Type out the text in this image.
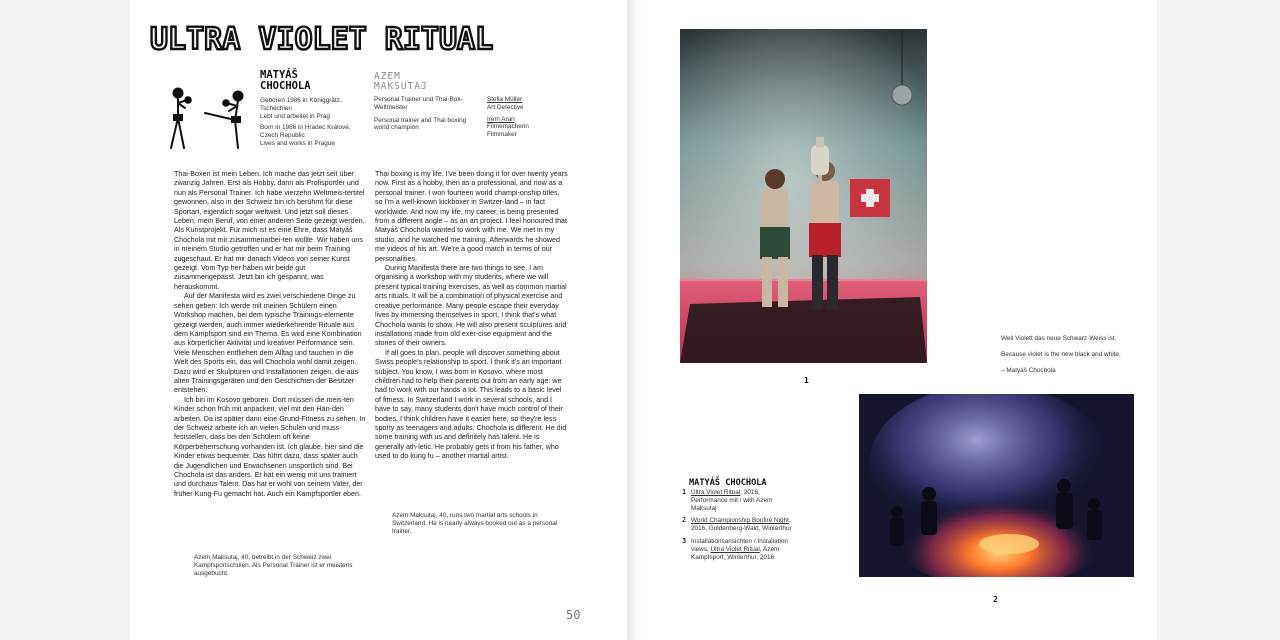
ULTRA VIOLET RITUAL
MATYÁŠ
CHOCHOLA

Geboren 1986 in Königgrätz,
Tschechien
Lebt und arbeitet in Prag

Born in 1986 in Hradec Králové,
Czech Republic
Lives and works in Prague

AZEM
MAKSUTAJ

Personal Trainer und Thai-Box-
Weltmeister

Personal trainer and Thai boxing
world champion

Stella Müller
Art Detective

Irem Aran
Filmemacherin
Filmmaker

Thai-Boxen ist mein Leben. Ich mache das jetzt seit über zwanzig Jahren. Erst als Hobby, dann als Profisportler und nun als Personal Trainer. Ich habe vierzehn Weltmeis-tertitel gewonnen, also in der Schweiz bin ich berühmt für diese Sportart, eigentlich sogar weltweit. Und jetzt soll dieses Leben, mein Beruf, von einer anderen Seite gezeigt werden. Als Kunstprojekt. Für mich ist es eine Ehre, dass Matyáš Chochola mit mir zusammenarbei-ten wollte. Wir haben uns in meinem Studio getroffen und er hat mir beim Training zugeschaut. Er hat mir danach Videos von seiner Kunst gezeigt. Vom Typ her haben wir beide gut zusammengepasst. Jetzt bin ich gespannt, was herauskommt.

Auf der Manifesta wird es zwei verschiedene Dinge zu sehen geben: Ich werde mit meinen Schülern einen Workshop machen, bei dem typische Trainings-elemente gezeigt werden, auch immer wiederkehrende Rituale aus dem Kampfsport sind ein Thema. Es wird eine Kombination aus körperlicher Aktivität und kreativer Performance sein. Viele Menschen entfliehen dem Alltag und tauchen in die Welt des Sports ein, das will Chochola wohl damit zeigen. Dazu wird er Skulpturen und Installationen zeigen, die aus alten Trainingsgeräten und den Geschichten der Besitzer entstehen.

Ich bin im Kosovo geboren. Dort müssen die meis-ten Kinder schon früh mit anpacken, viel mit den Hän-den arbeiten. Da ist später dann eine Grund-Fitness zu sehen. In der Schweiz arbeite ich an vielen Schulen und muss feststellen, dass bei den Schülern oft keine Körperbeherrschung vorhanden ist. Ich glaube, hier sind die Kinder etwas bequemer. Das führt dazu, dass später auch die Jugendlichen und Erwachsenen unsportlich sind. Bei Chochola ist das anders. Er hat ein wenig mit uns trainiert und durchaus Talent. Das hat er wohl von seinem Vater, der früher Kung-Fu gemacht hat. Auch ein Kampfsportler eben.

Thai boxing is my life. I've been doing it for over twenty years now. First as a hobby, then as a professional, and now as a personal trainer. I won fourteen world champi-onship titles, so I'm a well-known kickboxer in Switzer-land – in fact worldwide. And now my life, my career, is being presented from a different angle – as an art project. I feel honoured that Matyáš Chochola wanted to work with me. We met in my studio, and he watched me training. Afterwards he showed me videos of his art. We're a good match in terms of our personalities.

During Manifesta there are two things to see. I am organising a workshop with my students, where we will present typical training exercises, as well as common martial arts rituals. It will be a combination of physical exercise and creative performance. Many people escape their everyday lives by immersing themselves in sport, I think that's what Chochola wants to show. He will also present sculptures and installations made from old exer-cise equipment and the stories of their owners.

If all goes to plan, people will discover something about Swiss people's relationship to sport. I think it's an important subject. You know, I was born in Kosovo, where most children had to help their parents out from an early age: we had to work with our hands a lot. This leads to a basic level of fitness. In Switzerland I work in several schools, and I have to say, many students don't have much control of their bodies. I think children have it easier here, so they're less sporty as teenagers and adults. Chochola is different. He did some training with us and definitely has talent. He is generally ath-letic. He probably gets it from his father, who used to do kung fu – another martial artist.

Azem Maksutaj, 40, betreibt in der Schweiz zwei Kampfsportschulen. Als Personal Trainer ist er meistens ausgebucht.
Azem Maksutaj, 40, runs two martial arts schools in Switzerland. He is nearly always booked out as a personal trainer.
50
1

Weil Violett das neue Schwarz-Weiss ist.

Because violet is the new black and white.

– Matyáš Chochola

2
MATYÁŠ CHOCHOLA
1 Ultra Violet Ritual, 2016, Performance mit / with Azem Maksutaj
2 World Championship Bonfire Night, 2016, Goldenberg-Wald, Winterthur
3 Installationsansichten / Installation views, Ultra Violet Ritual, Azem Kampfsport, Winterthur, 2016
